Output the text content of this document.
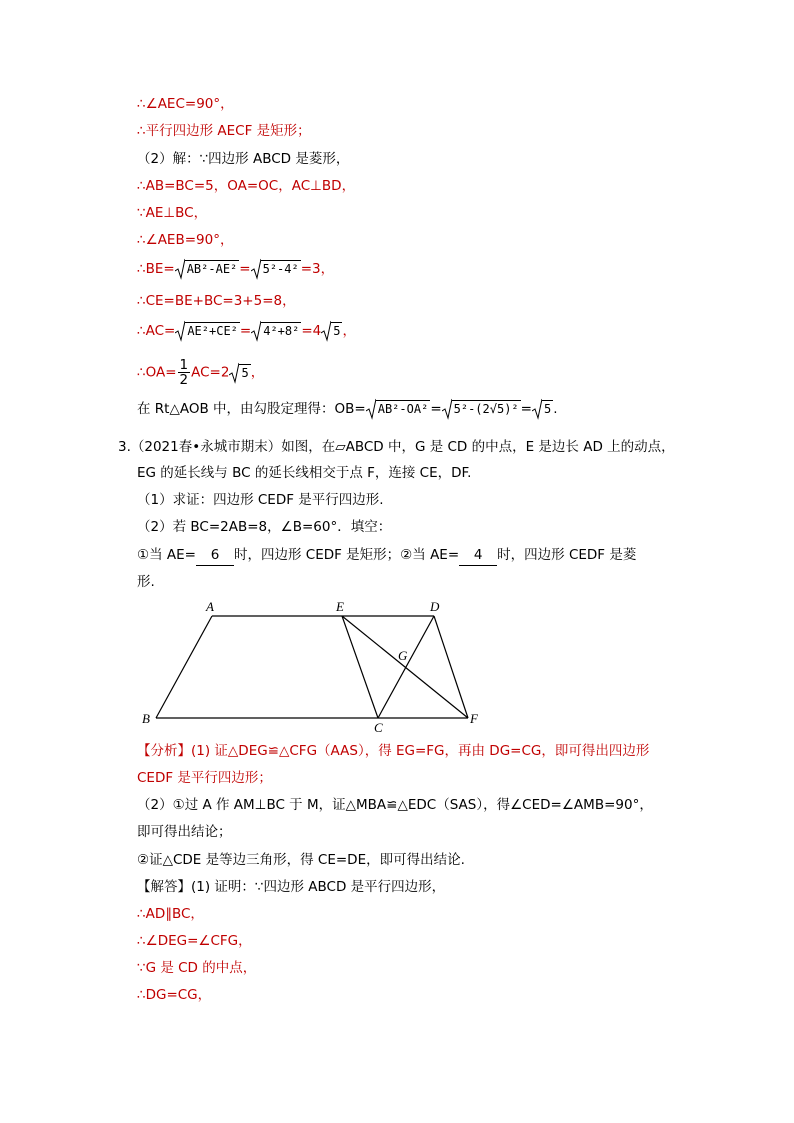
∴∠AEC=90°，
∴平行四边形 AECF 是矩形；
（2）解：∵四边形 ABCD 是菱形，
∴AB=BC=5，OA=OC，AC⊥BD，
∵AE⊥BC，
∴∠AEB=90°，
∴BE= AB²-AE² = 5²-4² =3，
∴CE=BE+BC=3+5=8，
∴AC= AE²+CE² = 4²+8² =4 5 ，
∴OA= $\frac{1}{2} AC=2$ 5 ，
在 Rt△AOB 中，由勾股定理得：OB= AB²-OA² = 5²-(2√5)² = 5 .
3.（2021春•永城市期末）如图，在▱ABCD 中，G 是 CD 的中点，E 是边长 AD 上的动点，
EG 的延长线与 BC 的延长线相交于点 F，连接 CE，DF.
（1）求证：四边形 CEDF 是平行四边形.
（2）若 BC=2AB=8，∠B=60°．填空：
①当 AE= 6 时，四边形 CEDF 是矩形；②当 AE= 4 时，四边形 CEDF 是菱
形.
A	E	D
G
B
C
F
【分析】(1) 证△DEG≌△CFG（AAS），得 EG=FG，再由 DG=CG，即可得出四边形
CEDF 是平行四边形；
（2）①过 A 作 AM⊥BC 于 M，证△MBA≌△EDC（SAS），得∠CED=∠AMB=90°，
即可得出结论；
②证△CDE 是等边三角形，得 CE=DE，即可得出结论.
【解答】(1) 证明：∵四边形 ABCD 是平行四边形，
∴AD∥BC，
∴∠DEG=∠CFG，
∵G 是 CD 的中点，
∴DG=CG，
